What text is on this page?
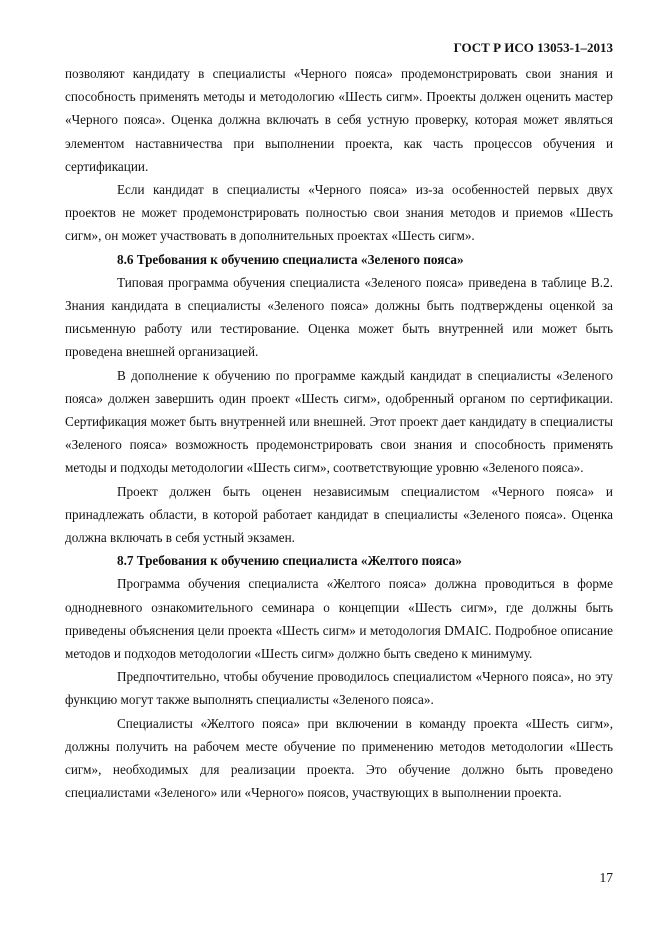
ГОСТ Р ИСО 13053-1–2013

позволяют кандидату в специалисты «Черного пояса» продемонстрировать свои знания и способность применять методы и методологию «Шесть сигм». Проекты должен оценить мастер «Черного пояса». Оценка должна включать в себя устную проверку, которая может являться элементом наставничества при выполнении проекта, как часть процессов обучения и сертификации.

Если кандидат в специалисты «Черного пояса» из-за особенностей первых двух проектов не может продемонстрировать полностью свои знания методов и приемов «Шесть сигм», он может участвовать в дополнительных проектах «Шесть сигм».

8.6 Требования к обучению специалиста «Зеленого пояса»

Типовая программа обучения специалиста «Зеленого пояса» приведена в таблице В.2. Знания кандидата в специалисты «Зеленого пояса» должны быть подтверждены оценкой за письменную работу или тестирование. Оценка может быть внутренней или может быть проведена внешней организацией.

В дополнение к обучению по программе каждый кандидат в специалисты «Зеленого пояса» должен завершить один проект «Шесть сигм», одобренный органом по сертификации. Сертификация может быть внутренней или внешней. Этот проект дает кандидату в специалисты «Зеленого пояса» возможность продемонстрировать свои знания и способность применять методы и подходы методологии «Шесть сигм», соответствующие уровню «Зеленого пояса».

Проект должен быть оценен независимым специалистом «Черного пояса» и принадлежать области, в которой работает кандидат в специалисты «Зеленого пояса». Оценка должна включать в себя устный экзамен.

8.7 Требования к обучению специалиста «Желтого пояса»

Программа обучения специалиста «Желтого пояса» должна проводиться в форме однодневного ознакомительного семинара о концепции «Шесть сигм», где должны быть приведены объяснения цели проекта «Шесть сигм» и методология DMAIC. Подробное описание методов и подходов методологии «Шесть сигм» должно быть сведено к минимуму.

Предпочтительно, чтобы обучение проводилось специалистом «Черного пояса», но эту функцию могут также выполнять специалисты «Зеленого пояса».

Специалисты «Желтого пояса» при включении в команду проекта «Шесть сигм», должны получить на рабочем месте обучение по применению методов методологии «Шесть сигм», необходимых для реализации проекта. Это обучение должно быть проведено специалистами «Зеленого» или «Черного» поясов, участвующих в выполнении проекта.

17
